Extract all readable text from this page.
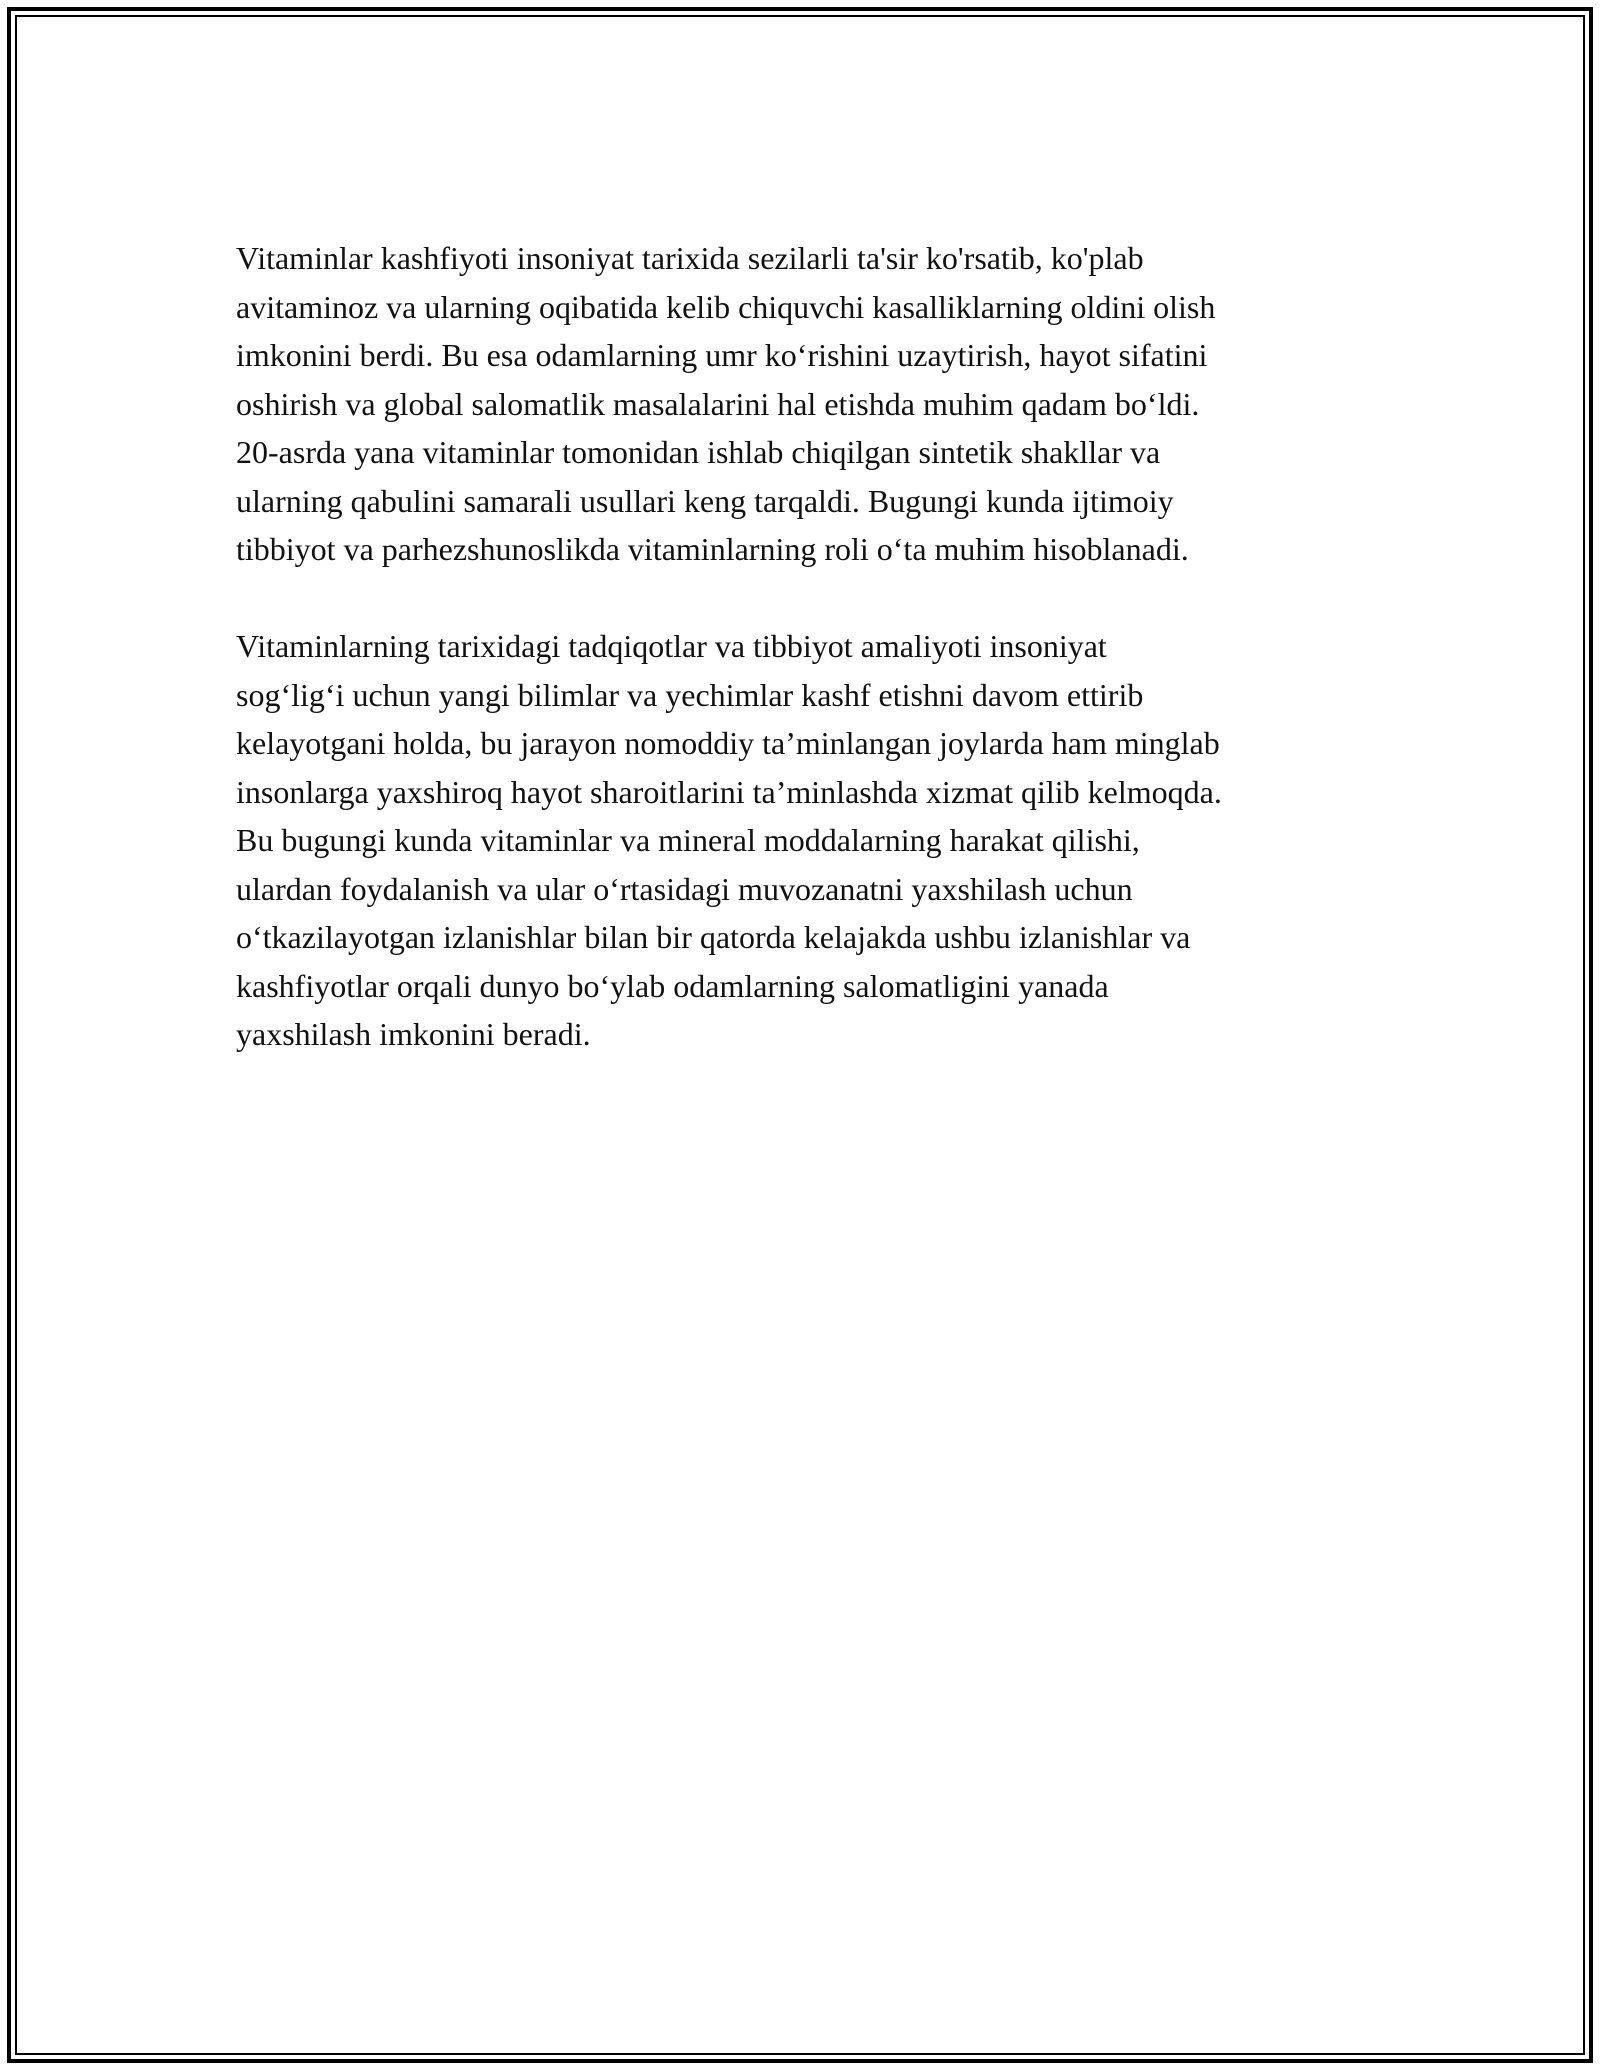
Vitaminlar kashfiyoti insoniyat tarixida sezilarli ta'sir ko'rsatib, ko'plab
avitaminoz va ularning oqibatida kelib chiquvchi kasalliklarning oldini olish
imkonini berdi. Bu esa odamlarning umr ko‘rishini uzaytirish, hayot sifatini
oshirish va global salomatlik masalalarini hal etishda muhim qadam bo‘ldi.
20-asrda yana vitaminlar tomonidan ishlab chiqilgan sintetik shakllar va
ularning qabulini samarali usullari keng tarqaldi. Bugungi kunda ijtimoiy
tibbiyot va parhezshunoslikda vitaminlarning roli o‘ta muhim hisoblanadi.

Vitaminlarning tarixidagi tadqiqotlar va tibbiyot amaliyoti insoniyat
sog‘lig‘i uchun yangi bilimlar va yechimlar kashf etishni davom ettirib
kelayotgani holda, bu jarayon nomoddiy ta’minlangan joylarda ham minglab
insonlarga yaxshiroq hayot sharoitlarini ta’minlashda xizmat qilib kelmoqda.
Bu bugungi kunda vitaminlar va mineral moddalarning harakat qilishi,
ulardan foydalanish va ular o‘rtasidagi muvozanatni yaxshilash uchun
o‘tkazilayotgan izlanishlar bilan bir qatorda kelajakda ushbu izlanishlar va
kashfiyotlar orqali dunyo bo‘ylab odamlarning salomatligini yanada
yaxshilash imkonini beradi.
